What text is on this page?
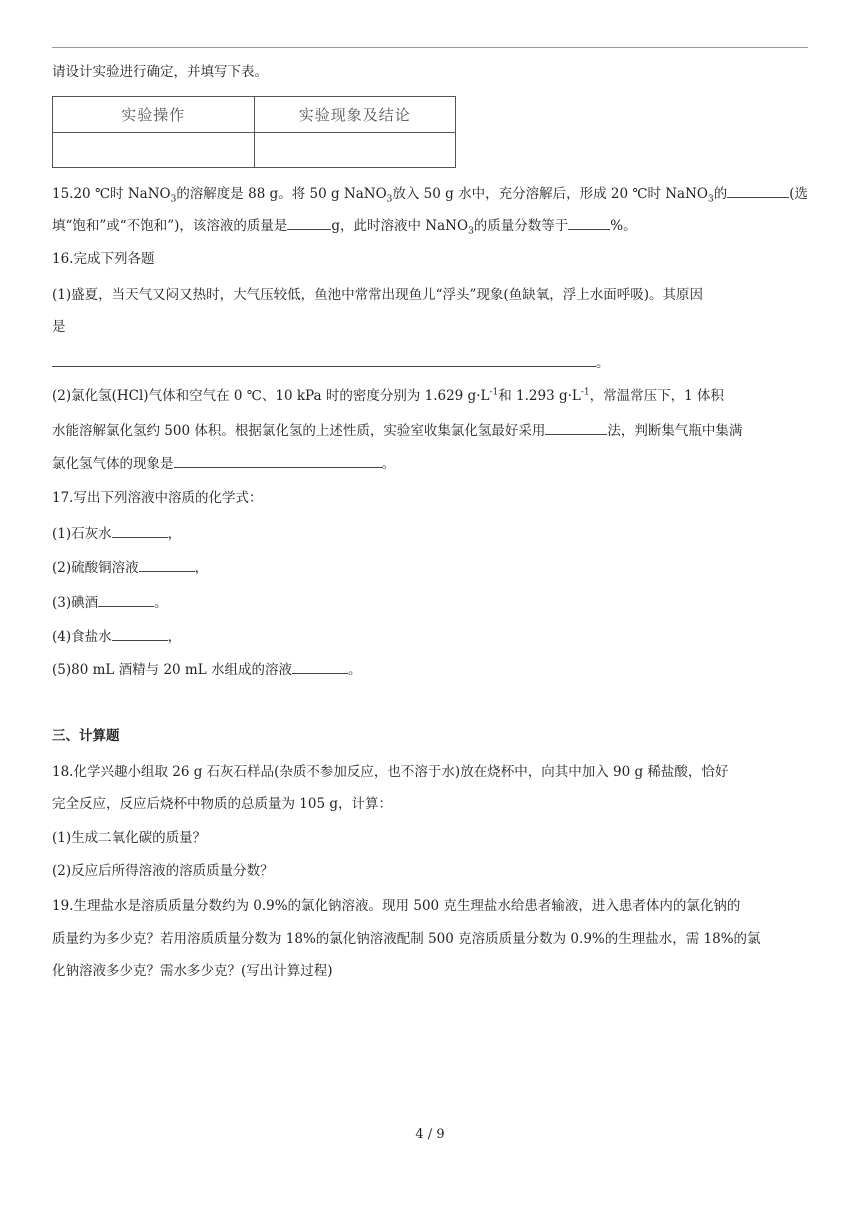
请设计实验进行确定，并填写下表。
实验操作	实验现象及结论

15.20 ℃时 NaNO$_3$的溶解度是 88 g。将 50 g NaNO$_3$放入 50 g 水中，充分溶解后，形成 20 ℃时 NaNO$_3$的	(选
填“饱和”或“不饱和”)，该溶液的质量是	g，此时溶液中 NaNO$_3$的质量分数等于	%。
16.完成下列各题
(1)盛夏，当天气又闷又热时，大气压较低，鱼池中常常出现鱼儿“浮头”现象(鱼缺氧，浮上水面呼吸)。其原因
是
。
(2)氯化氢(HCl)气体和空气在 0 ℃、10 kPa 时的密度分别为 1.629 $g\cdot L^{-1}$和 1.293 $g\cdot L^{-1}$，常温常压下，1 体积
水能溶解氯化氢约 500 体积。根据氯化氢的上述性质，实验室收集氯化氢最好采用	法，判断集气瓶中集满
氯化氢气体的现象是	。
17.写出下列溶液中溶质的化学式：
(1)石灰水	，
(2)硫酸铜溶液	，
(3)碘酒	。
(4)食盐水	，
(5)80 mL 酒精与 20 mL 水组成的溶液	。
三、计算题
18.化学兴趣小组取 26 g 石灰石样品(杂质不参加反应，也不溶于水)放在烧杯中，向其中加入 90 g 稀盐酸，恰好
完全反应，反应后烧杯中物质的总质量为 105 g，计算：
(1)生成二氧化碳的质量？
(2)反应后所得溶液的溶质质量分数？
19.生理盐水是溶质质量分数约为 0.9%的氯化钠溶液。现用 500 克生理盐水给患者输液，进入患者体内的氯化钠的
质量约为多少克？若用溶质质量分数为 18%的氯化钠溶液配制 500 克溶质质量分数为 0.9%的生理盐水，需 18%的氯
化钠溶液多少克？需水多少克？(写出计算过程)
4 / 9
